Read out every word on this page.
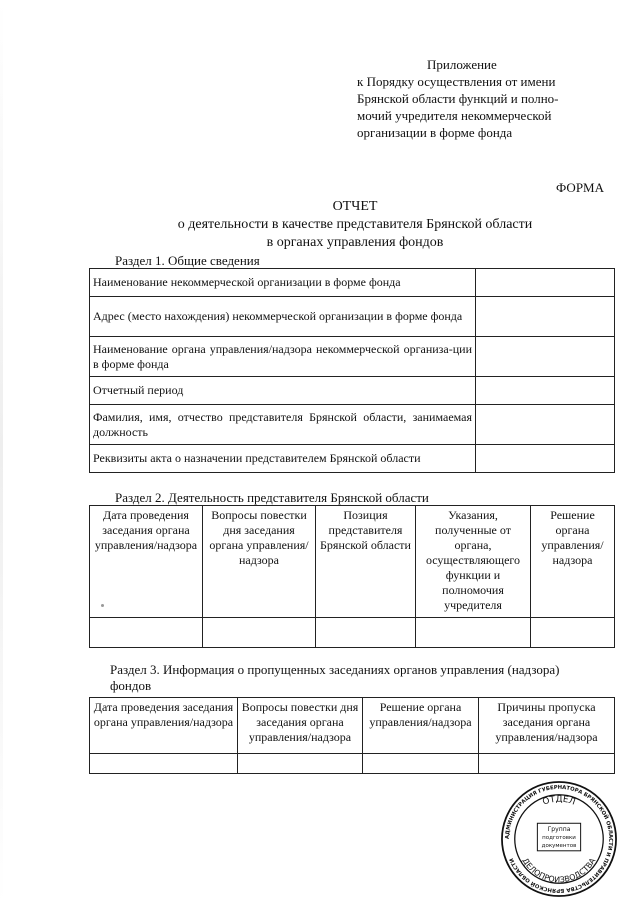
Приложение
к Порядку осуществления от имени
Брянской области функций и полно-
мочий учредителя некоммерческой
организации в форме фонда
ФОРМА
ОТЧЕТ
о деятельности в качестве представителя Брянской области
в органах управления фондов
Раздел 1. Общие сведения
Наименование некоммерческой организации в форме фонда	
Адрес (место нахождения) некоммерческой организации в форме фонда	
Наименование органа управления/надзора некоммерческой организа-ции в форме фонда	
Отчетный период	
Фамилия, имя, отчество представителя Брянской области, занимаемая должность	
Реквизиты акта о назначении представителем Брянской области	
Раздел 2. Деятельность представителя Брянской области
Дата проведения заседания органа управления/надзора	Вопросы повестки дня заседания органа управления/надзора	Позиция представителя Брянской области	Указания, полученные от органа, осуществляющего функции и полномочия учредителя	Решение органа управления/надзора

Раздел 3. Информация о пропущенных заседаниях органов управления (надзора)
фондов
Дата проведения заседания органа управления/надзора	Вопросы повестки дня заседания органа управления/надзора	Решение органа управления/надзора	Причины пропуска заседания органа управления/надзора

АДМИНИСТРАЦИЯ ГУБЕРНАТОРА БРЯНСКОЙ ОБЛАСТИ И ПРАВИТЕЛЬСТВА БРЯНСКОЙ ОБЛАСТИ
ОТДЕЛ
ДЕЛОПРОИЗВОДСТВА
Группа
подготовки
документов
